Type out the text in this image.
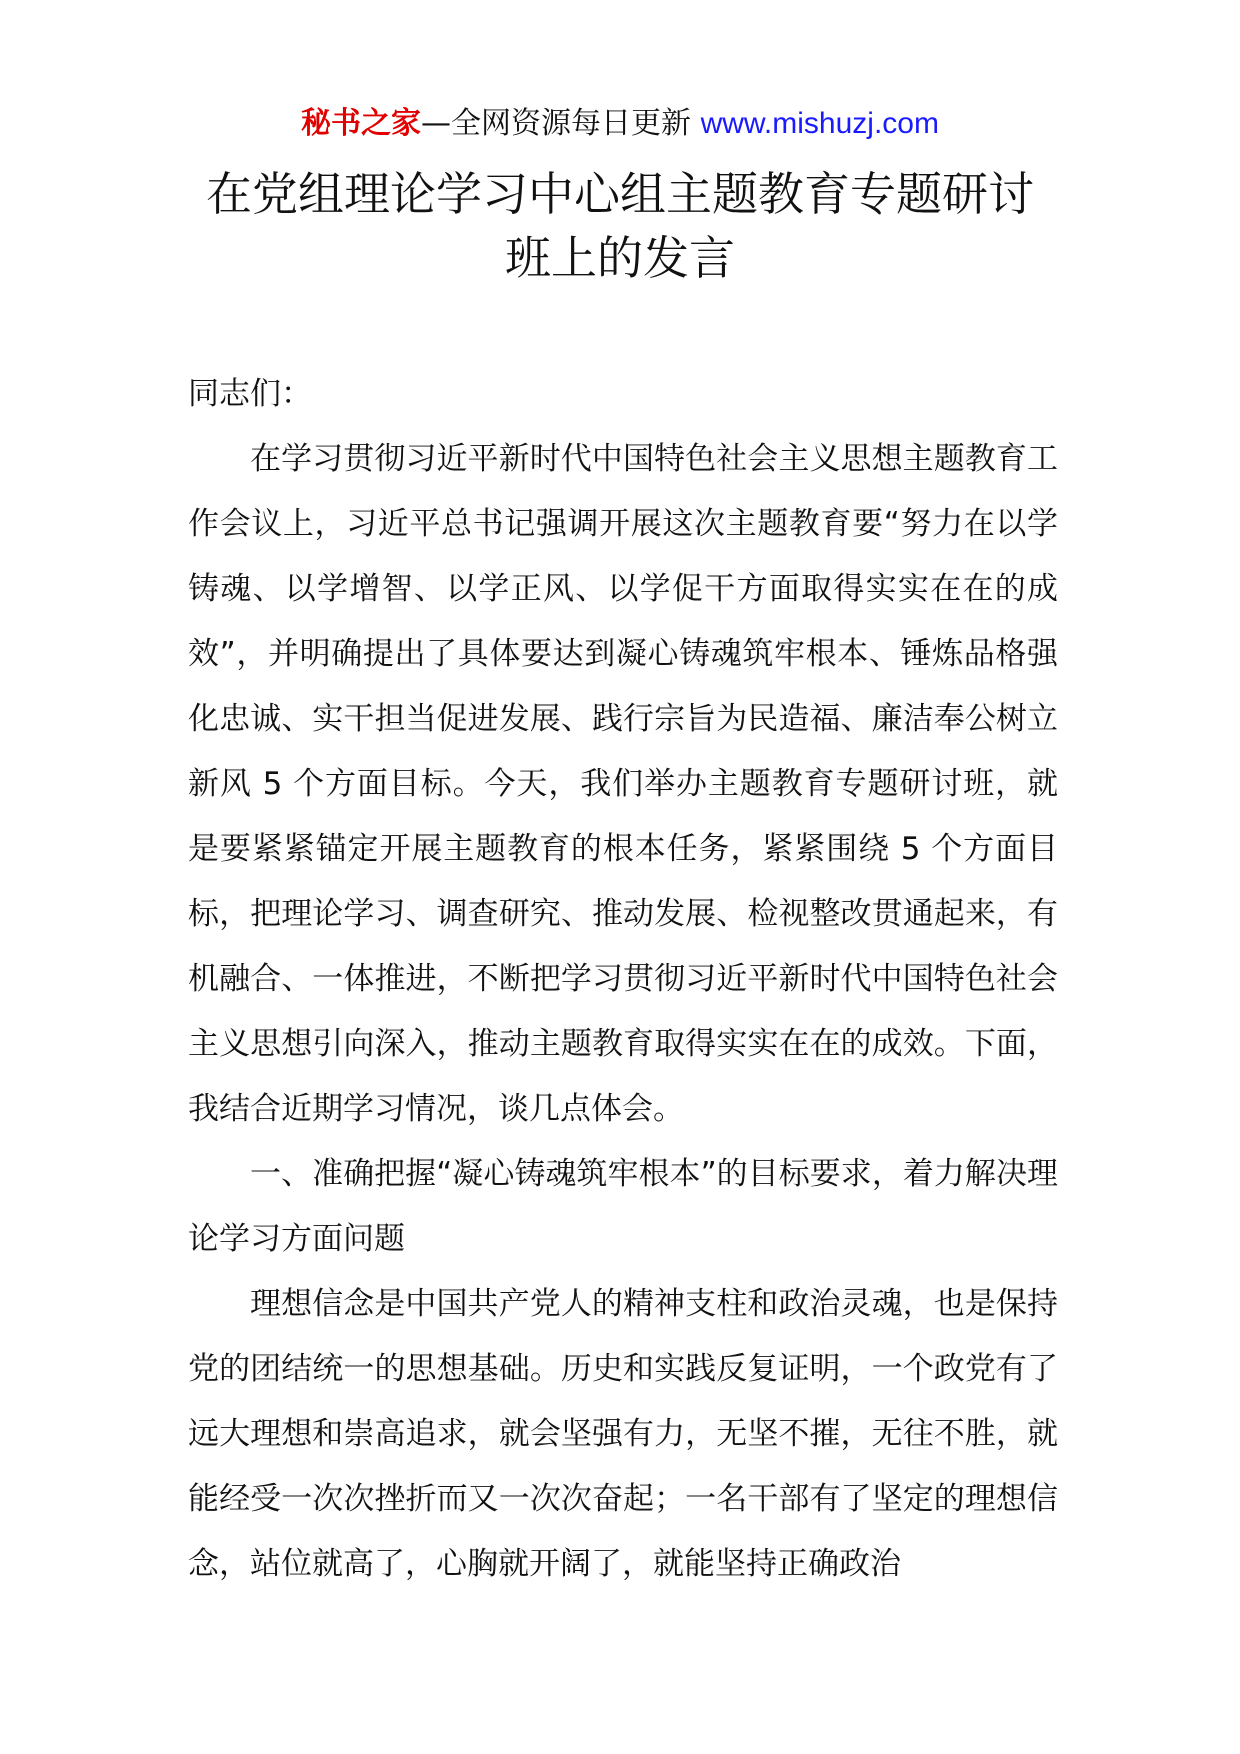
秘书之家—全网资源每日更新 www.mishuzj.com
在党组理论学习中心组主题教育专题研讨
班上的发言

同志们：

在学习贯彻习近平新时代中国特色社会主义思想主题教育工作会议上，习近平总书记强调开展这次主题教育要“努力在以学铸魂、以学增智、以学正风、以学促干方面取得实实在在的成效”，并明确提出了具体要达到凝心铸魂筑牢根本、锤炼品格强化忠诚、实干担当促进发展、践行宗旨为民造福、廉洁奉公树立新风 5 个方面目标。今天，我们举办主题教育专题研讨班，就是要紧紧锚定开展主题教育的根本任务，紧紧围绕 5 个方面目标，把理论学习、调查研究、推动发展、检视整改贯通起来，有机融合、一体推进，不断把学习贯彻习近平新时代中国特色社会主义思想引向深入，推动主题教育取得实实在在的成效。下面，我结合近期学习情况，谈几点体会。

一、准确把握“凝心铸魂筑牢根本”的目标要求，着力解决理论学习方面问题

理想信念是中国共产党人的精神支柱和政治灵魂，也是保持党的团结统一的思想基础。历史和实践反复证明，一个政党有了远大理想和崇高追求，就会坚强有力，无坚不摧，无往不胜，就能经受一次次挫折而又一次次奋起；一名干部有了坚定的理想信念，站位就高了，心胸就开阔了，就能坚持正确政治
